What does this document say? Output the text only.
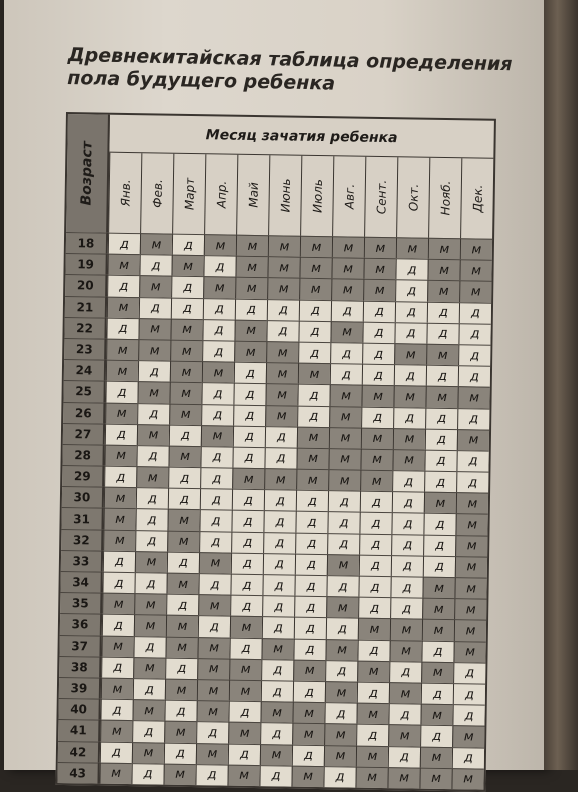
Древнекитайская таблица определения пола будущего ребенка
Возраст
Месяц зачатия ребенка
Янв. Фев. Март Апр. Май Июнь Июль Авг. Сент. Окт. Нояб. Дек.
18	д	м	д	м	м	м	м	м	м	м	м	м
19	м	д	м	д	м	м	м	м	м	д	м	м
20	д	м	д	м	м	м	м	м	м	д	м	м
21	м	д	д	д	д	д	д	д	д	д	д	д
22	д	м	м	д	м	д	д	м	д	д	д	д
23	м	м	м	д	м	м	д	д	д	м	м	д
24	м	д	м	м	д	м	м	д	д	д	д	д
25	д	м	м	д	д	м	д	м	м	м	м	м
26	м	д	м	д	д	м	д	м	д	д	д	д
27	д	м	д	м	д	д	м	м	м	м	д	м
28	м	д	м	д	д	д	м	м	м	м	д	д
29	д	м	д	д	м	м	м	м	м	д	д	д
30	м	д	д	д	д	д	д	д	д	д	м	м
31	м	д	м	д	д	д	д	д	д	д	д	м
32	м	д	м	д	д	д	д	д	д	д	д	м
33	д	м	д	м	д	д	д	м	д	д	д	м
34	д	д	м	д	д	д	д	д	д	д	м	м
35	м	м	д	м	д	д	д	м	д	д	м	м
36	д	м	м	д	м	д	д	д	м	м	м	м
37	м	д	м	м	д	м	д	м	д	м	д	м
38	д	м	д	м	м	д	м	д	м	д	м	д
39	м	д	м	м	м	д	д	м	д	м	д	д
40	д	м	д	м	д	м	м	д	м	д	м	д
41	м	д	м	д	м	д	м	м	д	м	д	м
42	д	м	д	м	д	м	д	м	м	д	м	д
43	м	д	м	д	м	д	м	д	м	м	м	м
